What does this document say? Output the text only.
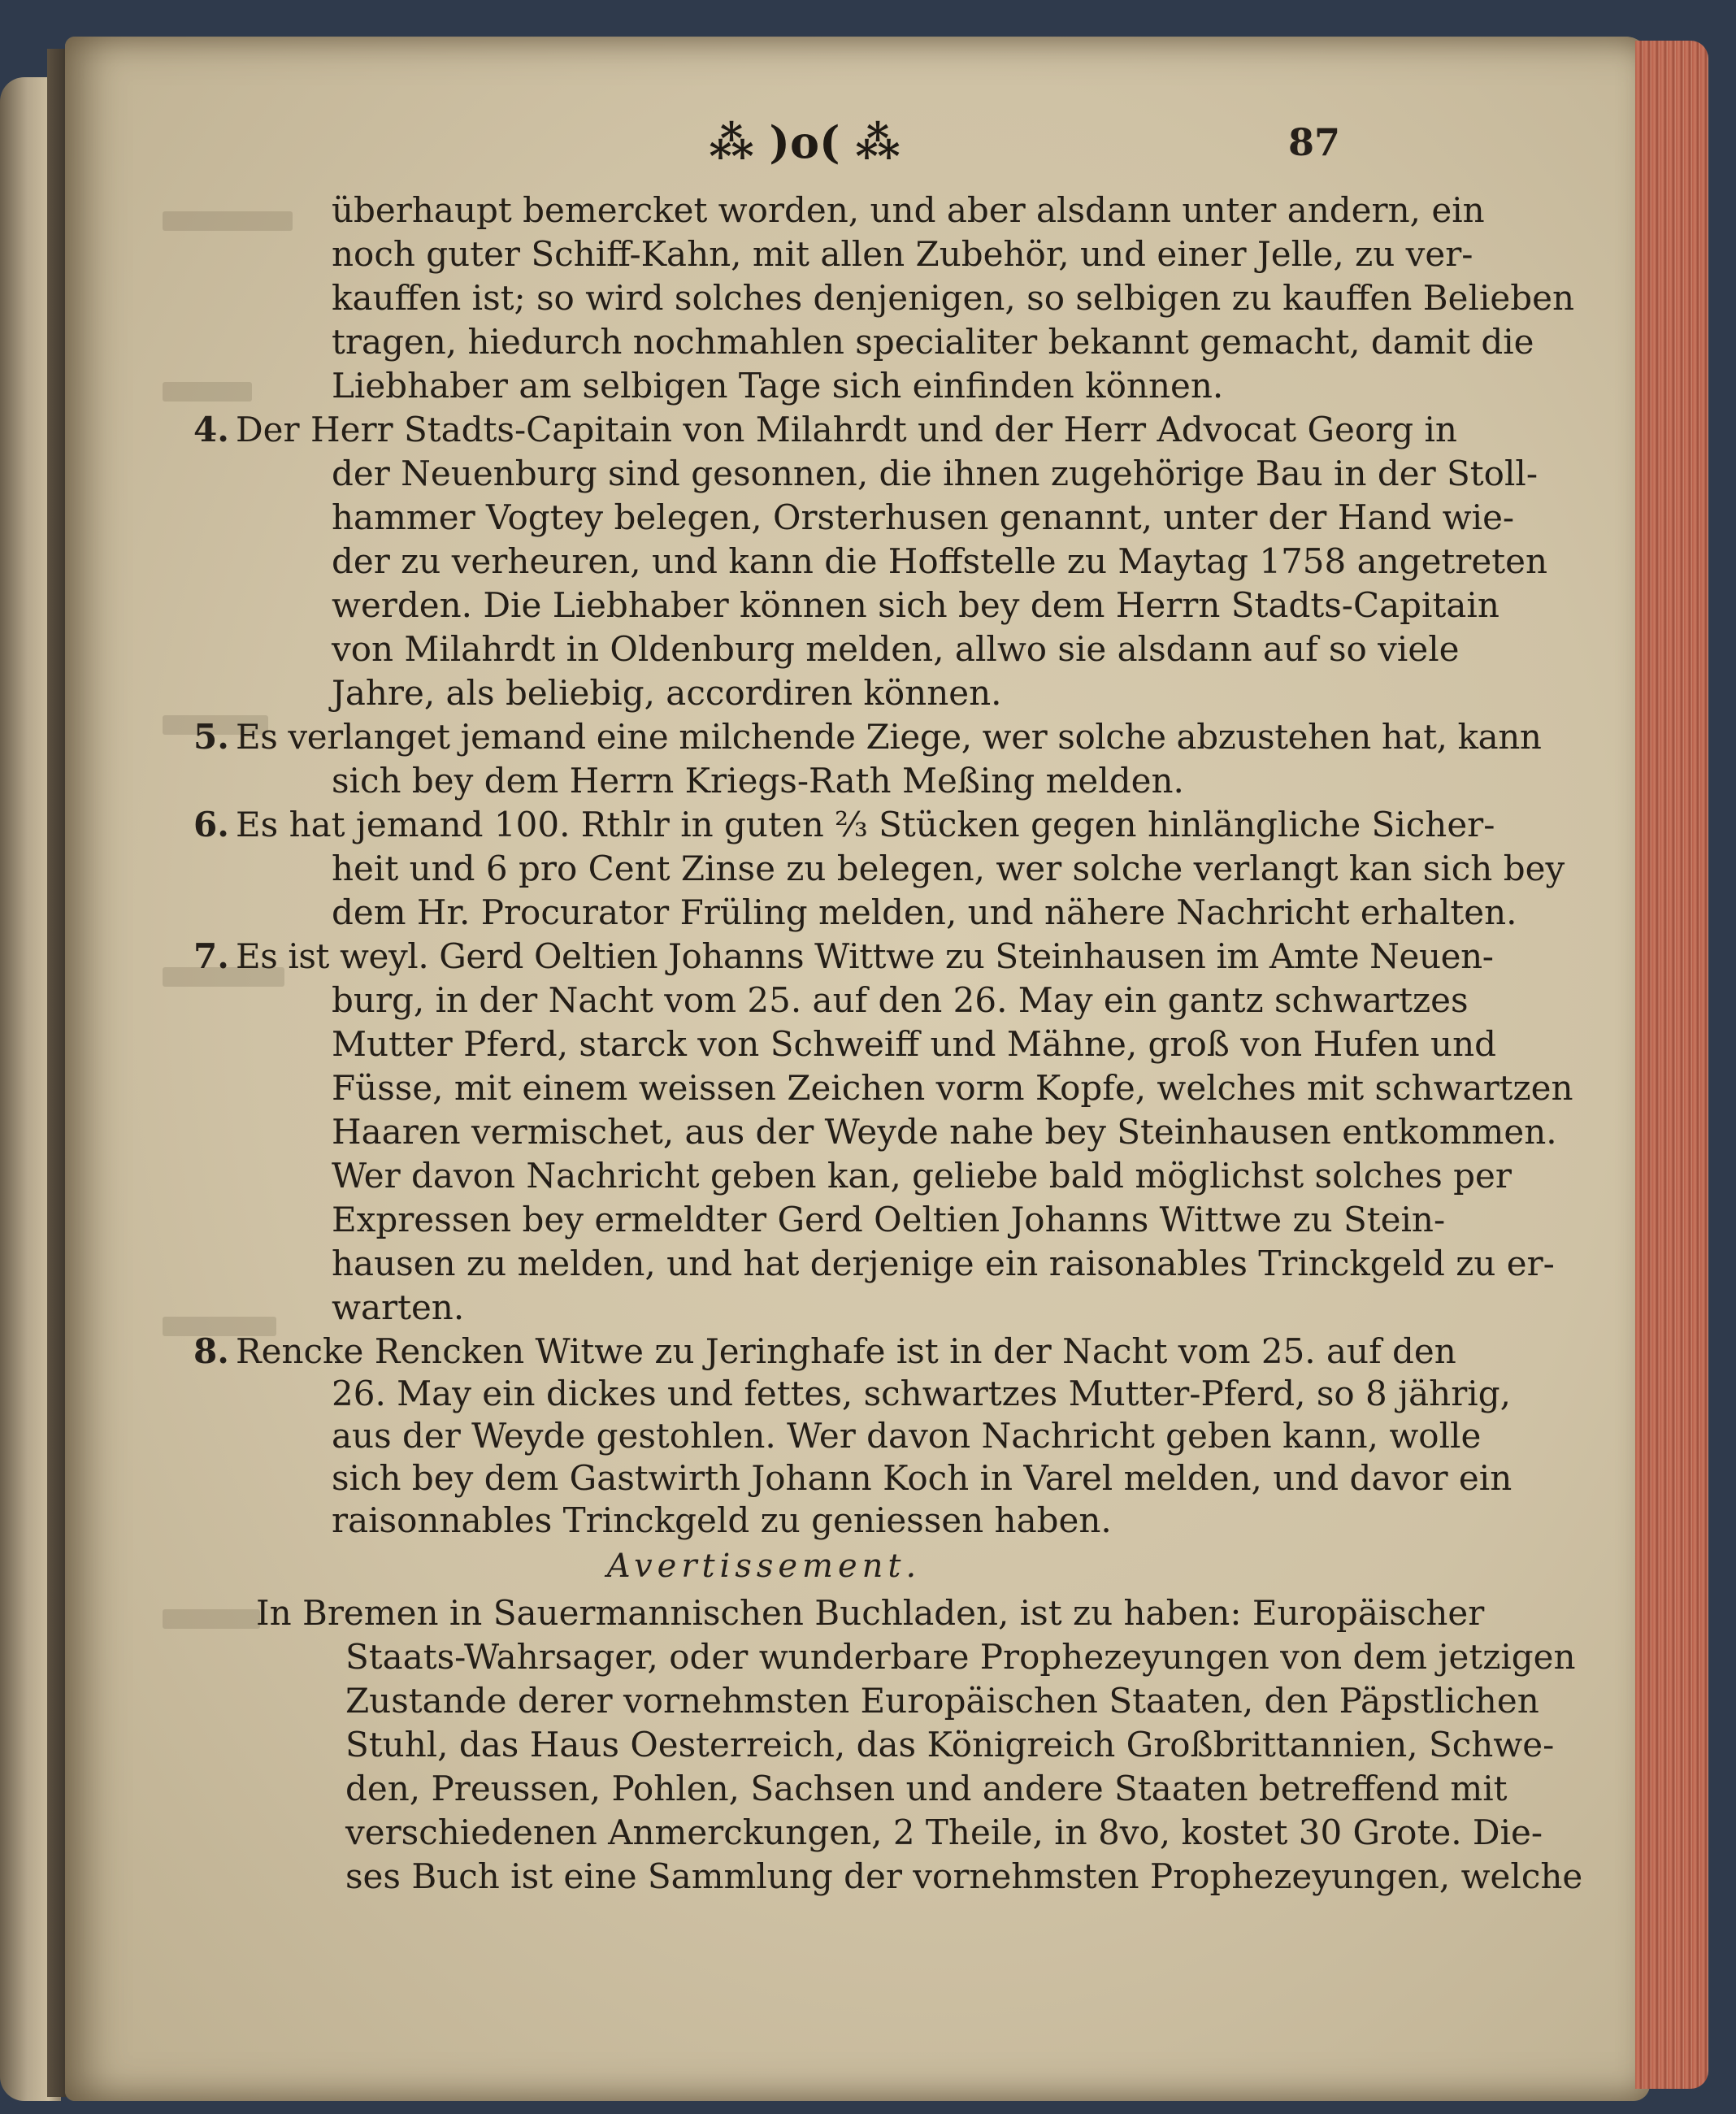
⁂ )o( ⁂	87
überhaupt bemercket worden, und aber alsdann unter andern, ein
noch guter Schiff-Kahn, mit allen Zubehör, und einer Jelle, zu ver-
kauffen ist; so wird solches denjenigen, so selbigen zu kauffen Belieben
tragen, hiedurch nochmahlen specialiter bekannt gemacht, damit die
Liebhaber am selbigen Tage sich einfinden können.
4. Der Herr Stadts-Capitain von Milahrdt und der Herr Advocat Georg in
der Neuenburg sind gesonnen, die ihnen zugehörige Bau in der Stoll-
hammer Vogtey belegen, Orsterhusen genannt, unter der Hand wie-
der zu verheuren, und kann die Hoffstelle zu Maytag 1758 angetreten
werden. Die Liebhaber können sich bey dem Herrn Stadts-Capitain
von Milahrdt in Oldenburg melden, allwo sie alsdann auf so viele
Jahre, als beliebig, accordiren können.
5. Es verlanget jemand eine milchende Ziege, wer solche abzustehen hat, kann
sich bey dem Herrn Kriegs-Rath Meßing melden.
6. Es hat jemand 100. Rthlr in guten ⅔ Stücken gegen hinlängliche Sicher-
heit und 6 pro Cent Zinse zu belegen, wer solche verlangt kan sich bey
dem Hr. Procurator Früling melden, und nähere Nachricht erhalten.
7. Es ist weyl. Gerd Oeltien Johanns Wittwe zu Steinhausen im Amte Neuen-
burg, in der Nacht vom 25. auf den 26. May ein gantz schwartzes
Mutter Pferd, starck von Schweiff und Mähne, groß von Hufen und
Füsse, mit einem weissen Zeichen vorm Kopfe, welches mit schwartzen
Haaren vermischet, aus der Weyde nahe bey Steinhausen entkommen.
Wer davon Nachricht geben kan, geliebe bald möglichst solches per
Expressen bey ermeldter Gerd Oeltien Johanns Wittwe zu Stein-
hausen zu melden, und hat derjenige ein raisonables Trinckgeld zu er-
warten.
8. Rencke Rencken Witwe zu Jeringhafe ist in der Nacht vom 25. auf den
26. May ein dickes und fettes, schwartzes Mutter-Pferd, so 8 jährig,
aus der Weyde gestohlen. Wer davon Nachricht geben kann, wolle
Avertissement.
In Bremen in Sauermannischen Buchladen, ist zu haben: Europäischer
Staats-Wahrsager, oder wunderbare Prophezeyungen von dem jetzigen
Zustande derer vornehmsten Europäischen Staaten, den Päpstlichen
Stuhl, das Haus Oesterreich, das Königreich Großbrittannien, Schwe-
den, Preussen, Pohlen, Sachsen und andere Staaten betreffend mit
verschiedenen Anmerckungen, 2 Theile, in 8vo, kostet 30 Grote. Die-
ses Buch ist eine Sammlung der vornehmsten Prophezeyungen, welche
sich bey dem Gastwirth Johann Koch in Varel melden, und davor ein
raisonnables Trinckgeld zu geniessen haben.
